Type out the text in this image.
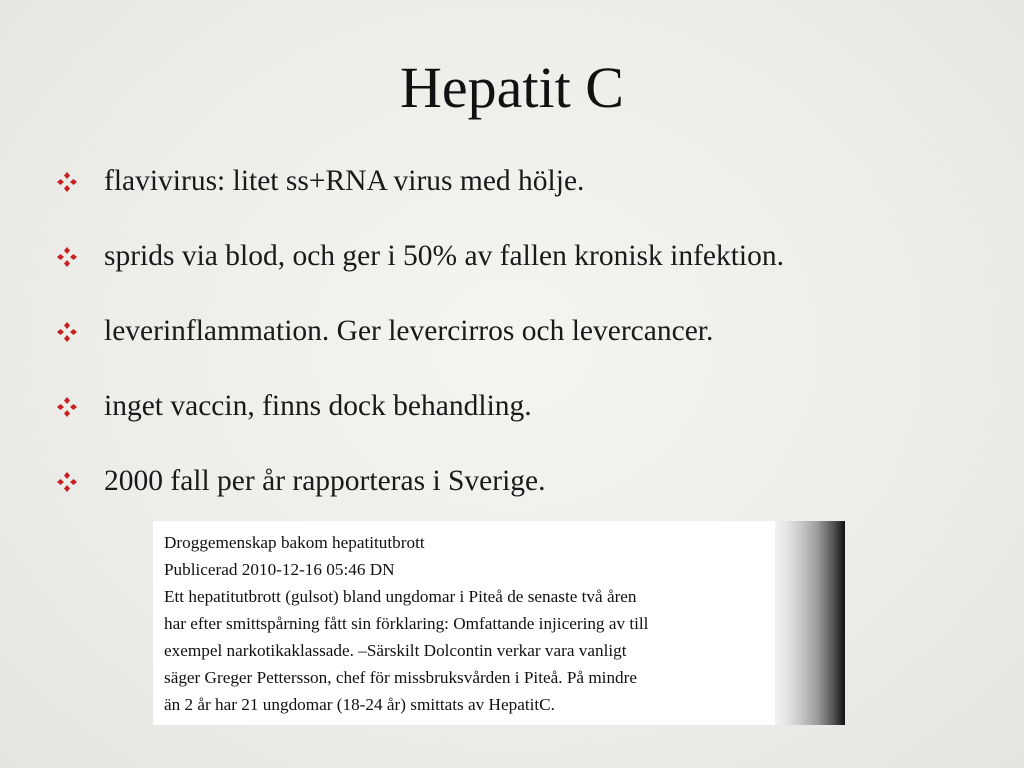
Hepatit C
flavivirus: litet ss+RNA virus med hölje.
sprids via blod, och ger i 50% av fallen kronisk infektion.
leverinflammation. Ger levercirros och levercancer.
inget vaccin, finns dock behandling.
2000 fall per år rapporteras i Sverige.
Droggemenskap bakom hepatitutbrott
Publicerad 2010-12-16 05:46 DN
Ett hepatitutbrott (gulsot) bland ungdomar i Piteå de senaste två åren
har efter smittspårning fått sin förklaring: Omfattande injicering av till
exempel narkotikaklassade. –Särskilt Dolcontin verkar vara vanligt
säger Greger Pettersson, chef för missbruksvården i Piteå. På mindre
än 2 år har 21 ungdomar (18-24 år) smittats av HepatitC.
